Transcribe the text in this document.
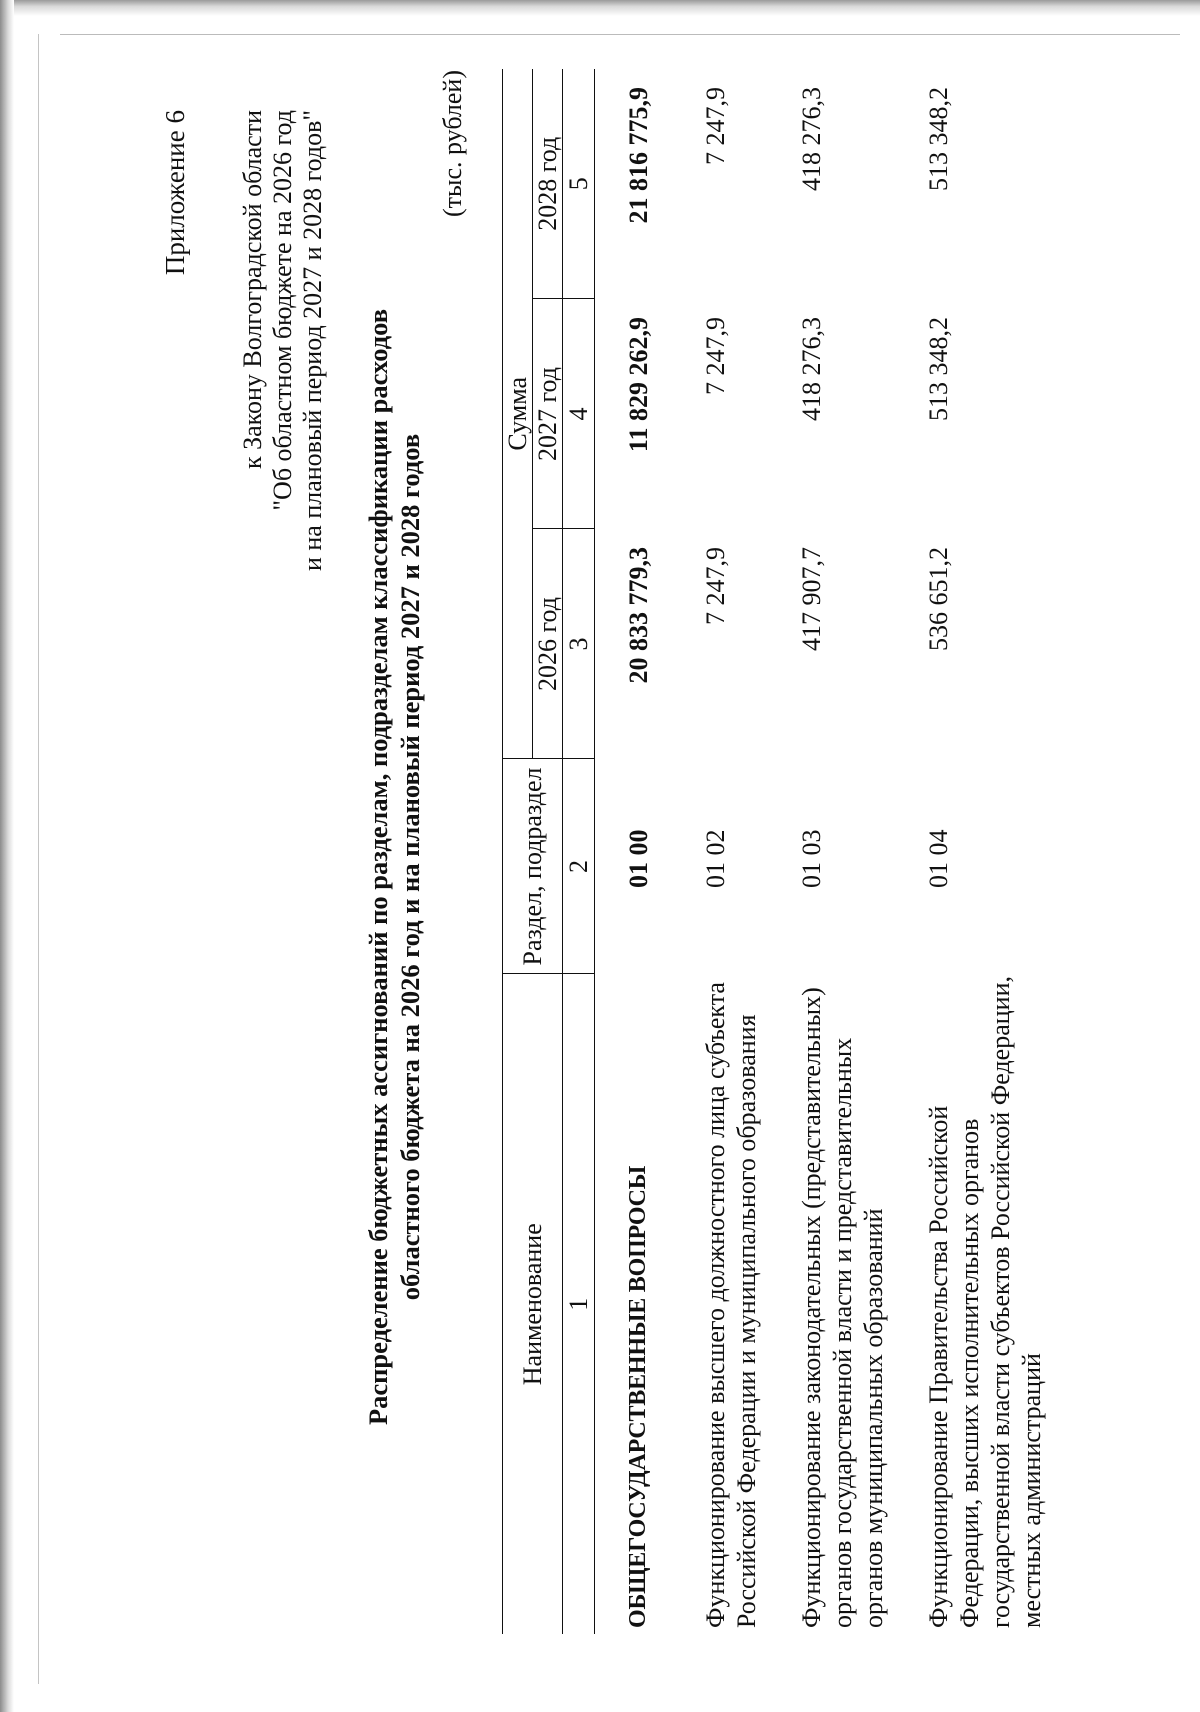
Приложение 6 к Закону Волгоградской области "Об областном бюджете на 2026 год и на плановый период 2027 и 2028 годов" Распределение бюджетных ассигнований по разделам, подразделам классификации расходов областного бюджета на 2026 год и на плановый период 2027 и 2028 годов
(тыс. рублей)
Наименование	Раздел, подраздел	Сумма		
		2026 год	2027 год	2028 год
1	2	3	4	5

ОБЩЕГОСУДАРСТВЕННЫЕ ВОПРОСЫ	01 00	20 833 779,3	11 829 262,9	21 816 775,9
Функционирование высшего должностного лица субъекта Российской Федерации и муниципального образования	01 02	7 247,9	7 247,9	7 247,9
Функционирование законодательных (представительных) органов государственной власти и представительных органов муниципальных образований	01 03	417 907,7	418 276,3	418 276,3
Функционирование Правительства Российской Федерации, высших исполнительных органов государственной власти субъектов Российской Федерации, местных администраций	01 04	536 651,2	513 348,2	513 348,2
